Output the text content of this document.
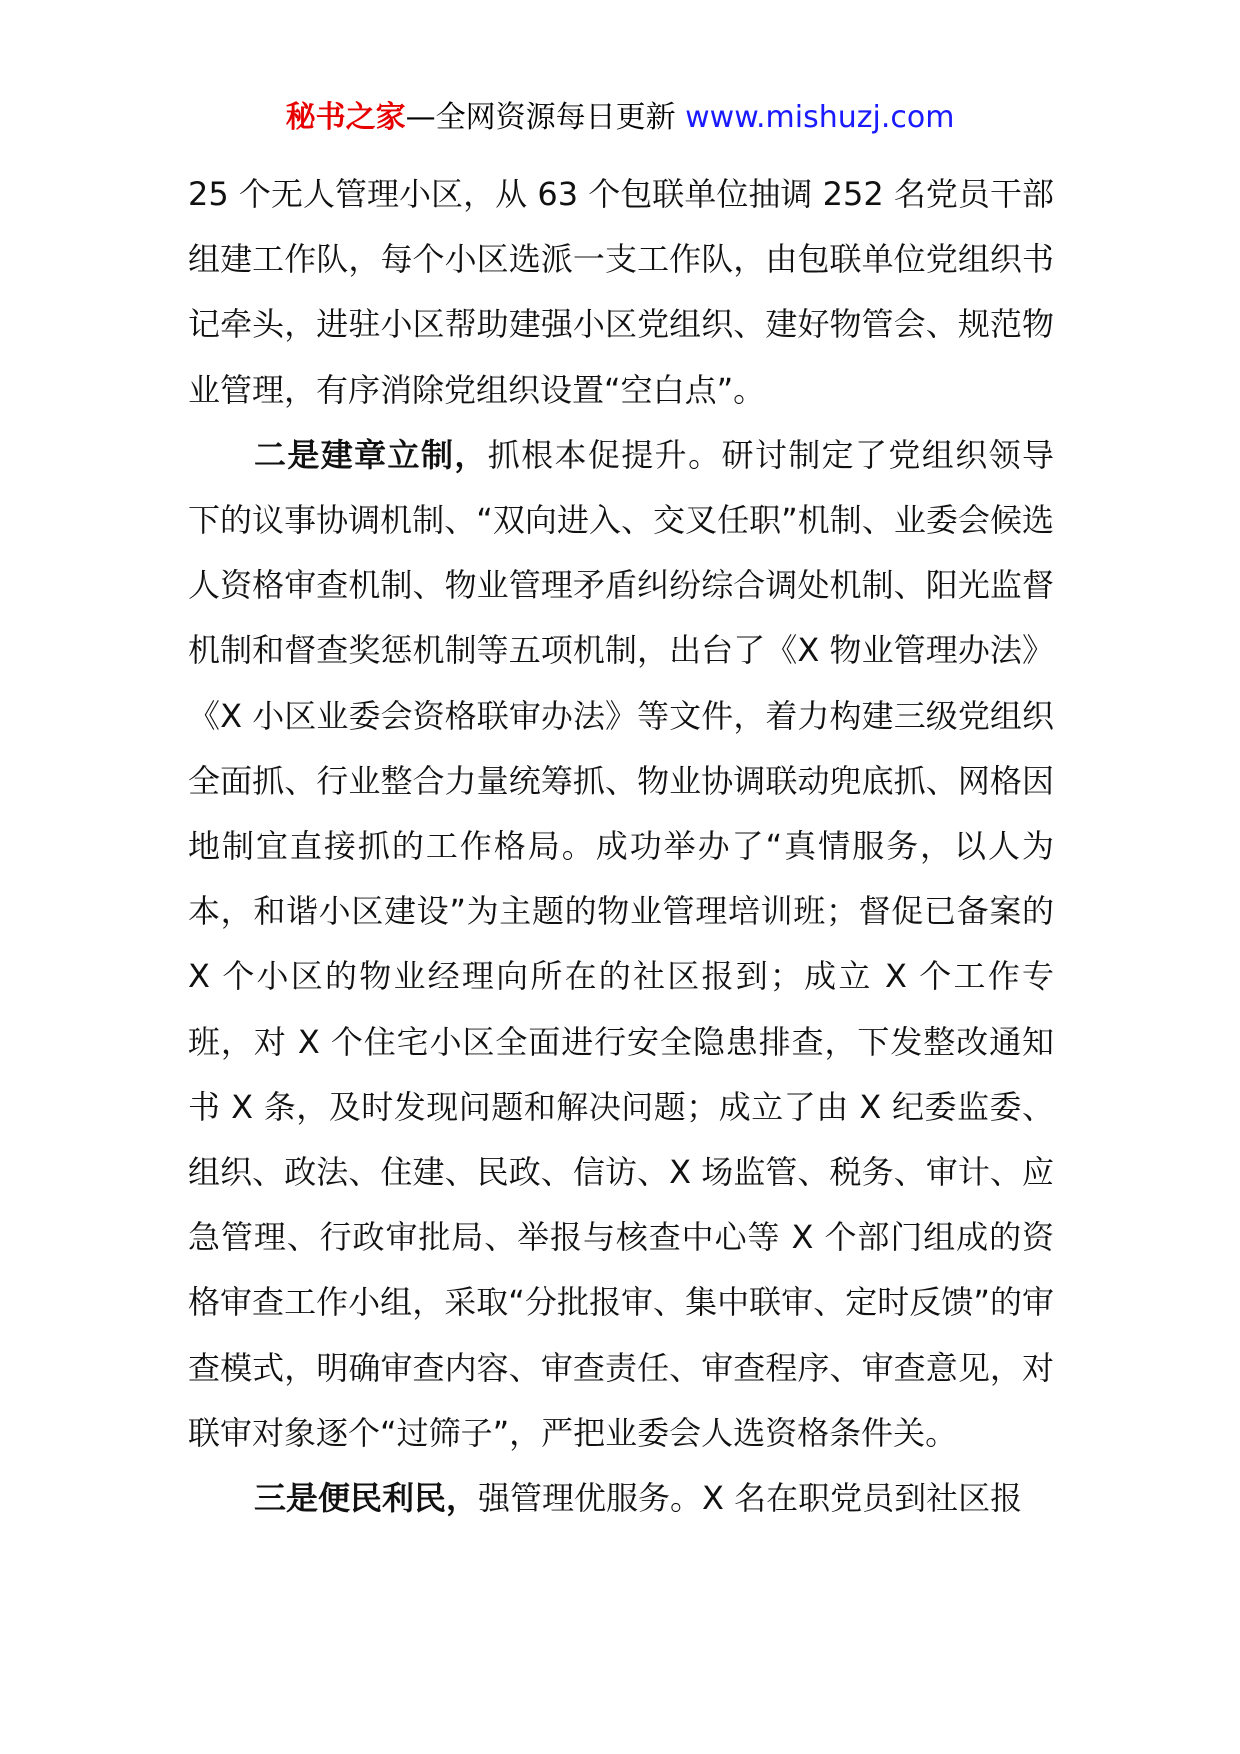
秘书之家—全网资源每日更新 www.mishuzj.com

25 个无人管理小区，从 63 个包联单位抽调 252 名党员干部组建工作队，每个小区选派一支工作队，由包联单位党组织书记牵头，进驻小区帮助建强小区党组织、建好物管会、规范物业管理，有序消除党组织设置“空白点”。

二是建章立制，抓根本促提升。研讨制定了党组织领导下的议事协调机制、“双向进入、交叉任职”机制、业委会候选人资格审查机制、物业管理矛盾纠纷综合调处机制、阳光监督机制和督查奖惩机制等五项机制，出台了《X 物业管理办法》《X 小区业委会资格联审办法》等文件，着力构建三级党组织全面抓、行业整合力量统筹抓、物业协调联动兜底抓、网格因地制宜直接抓的工作格局。成功举办了“真情服务，以人为本，和谐小区建设”为主题的物业管理培训班；督促已备案的 X 个小区的物业经理向所在的社区报到；成立 X 个工作专班，对 X 个住宅小区全面进行安全隐患排查，下发整改通知书 X 条，及时发现问题和解决问题；成立了由 X 纪委监委、组织、政法、住建、民政、信访、X 场监管、税务、审计、应急管理、行政审批局、举报与核查中心等 X 个部门组成的资格审查工作小组，采取“分批报审、集中联审、定时反馈”的审查模式，明确审查内容、审查责任、审查程序、审查意见，对联审对象逐个“过筛子”，严把业委会人选资格条件关。

三是便民利民，强管理优服务。X 名在职党员到社区报
